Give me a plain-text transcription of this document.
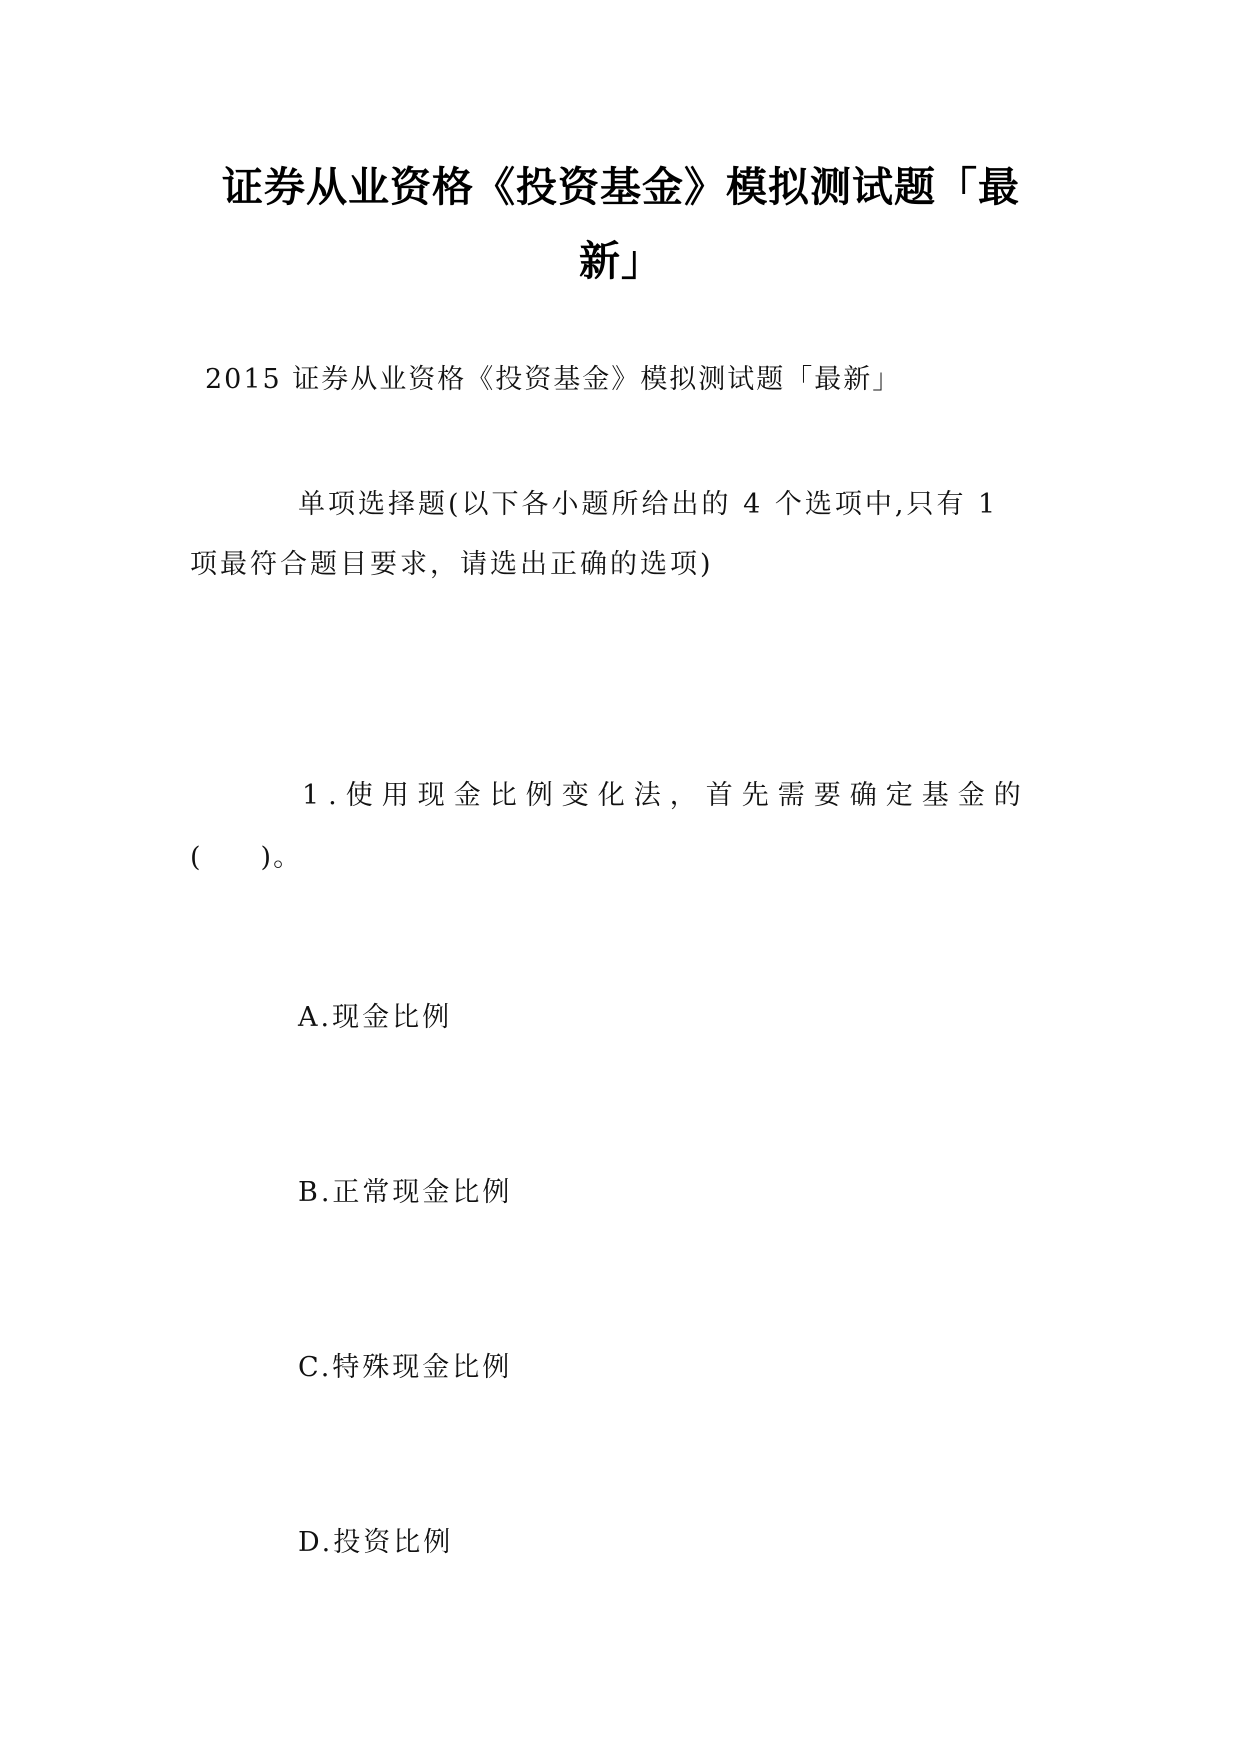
证券从业资格《投资基金》模拟测试题「最
新」
2015 证券从业资格《投资基金》模拟测试题「最新」
单项选择题(以下各小题所给出的 4 个选项中,只有 1
项最符合题目要求，请选出正确的选项)
1.使用现金比例变化法，首先需要确定基金的
( )。
A.现金比例
B.正常现金比例
C.特殊现金比例
D.投资比例
